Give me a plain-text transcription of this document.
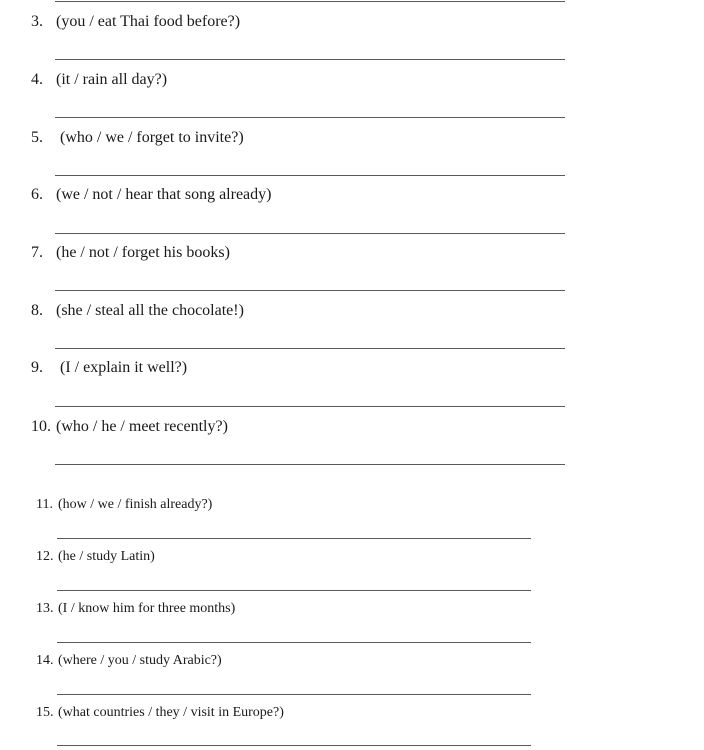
3. (you / eat Thai food before?)
4. (it / rain all day?)
5. (who / we / forget to invite?)
6. (we / not / hear that song already)
7. (he / not / forget his books)
8. (she / steal all the chocolate!)
9. (I / explain it well?)
10. (who / he / meet recently?)
11. (how / we / finish already?)
12. (he / study Latin)
13. (I / know him for three months)
14. (where / you / study Arabic?)
15. (what countries / they / visit in Europe?)
